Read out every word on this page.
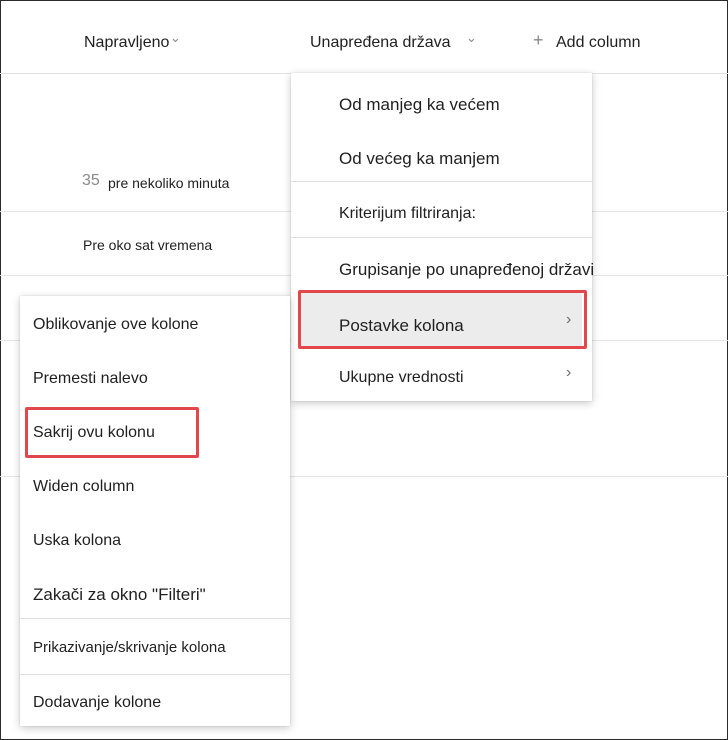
Napravljeno ⌄	Unapređena država ⌄	+ Add column
35 pre nekoliko minuta
Pre oko sat vremena
Od manjeg ka većem
Od većeg ka manjem
Kriterijum filtriranja:
Grupisanje po unapređenoj državi
Postavke kolona	›
Ukupne vrednosti	›
Oblikovanje ove kolone
Premesti nalevo
Sakrij ovu kolonu
Widen column
Uska kolona
Zakači za okno "Filteri"
Prikazivanje/skrivanje kolona
Dodavanje kolone
